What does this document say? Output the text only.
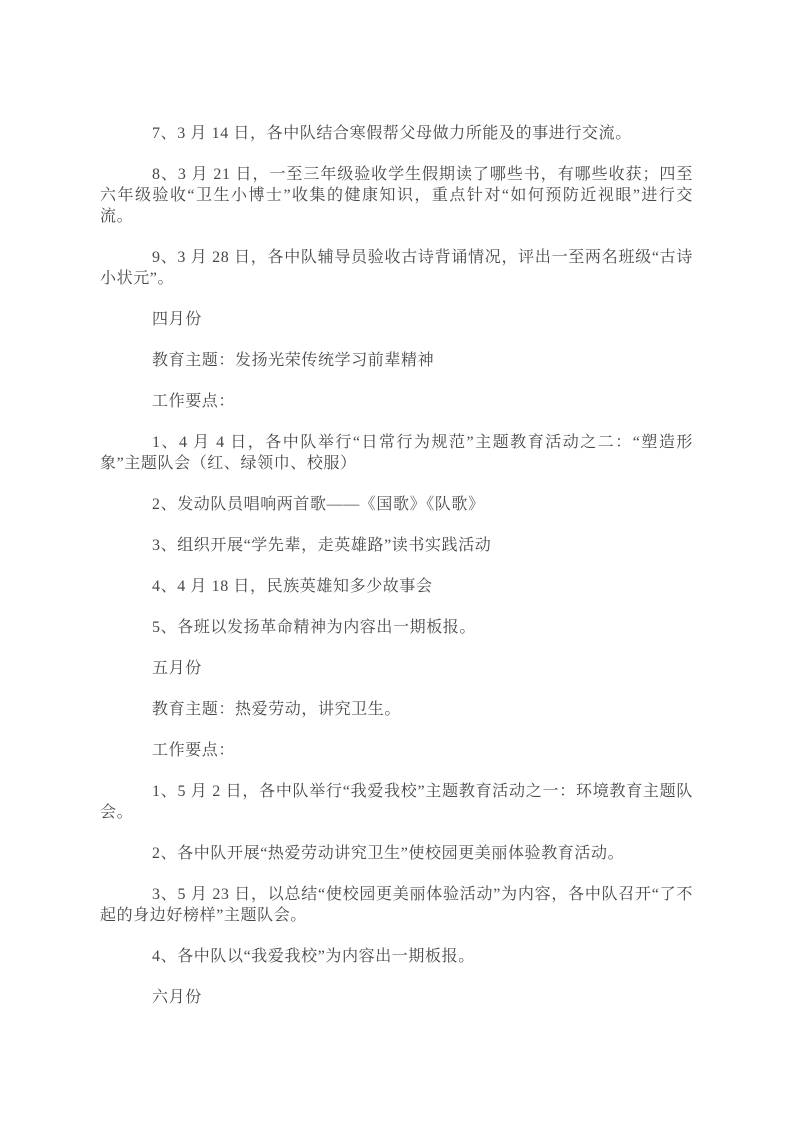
7、3 月 14 日，各中队结合寒假帮父母做力所能及的事进行交流。

8、3 月 21 日，一至三年级验收学生假期读了哪些书，有哪些收获；四至六年级验收“卫生小博士”收集的健康知识，重点针对“如何预防近视眼”进行交流。

9、3 月 28 日，各中队辅导员验收古诗背诵情况，评出一至两名班级“古诗小状元”。

四月份

教育主题：发扬光荣传统学习前辈精神

工作要点：

1、4 月 4 日，各中队举行“日常行为规范”主题教育活动之二：“塑造形象”主题队会（红、绿领巾、校服）

2、发动队员唱响两首歌——《国歌》《队歌》

3、组织开展“学先辈，走英雄路”读书实践活动

4、4 月 18 日，民族英雄知多少故事会

5、各班以发扬革命精神为内容出一期板报。

五月份

教育主题：热爱劳动，讲究卫生。

工作要点：

1、5 月 2 日，各中队举行“我爱我校”主题教育活动之一：环境教育主题队会。

2、各中队开展“热爱劳动讲究卫生”使校园更美丽体验教育活动。

3、5 月 23 日，以总结“使校园更美丽体验活动”为内容，各中队召开“了不起的身边好榜样”主题队会。

4、各中队以“我爱我校”为内容出一期板报。

六月份
